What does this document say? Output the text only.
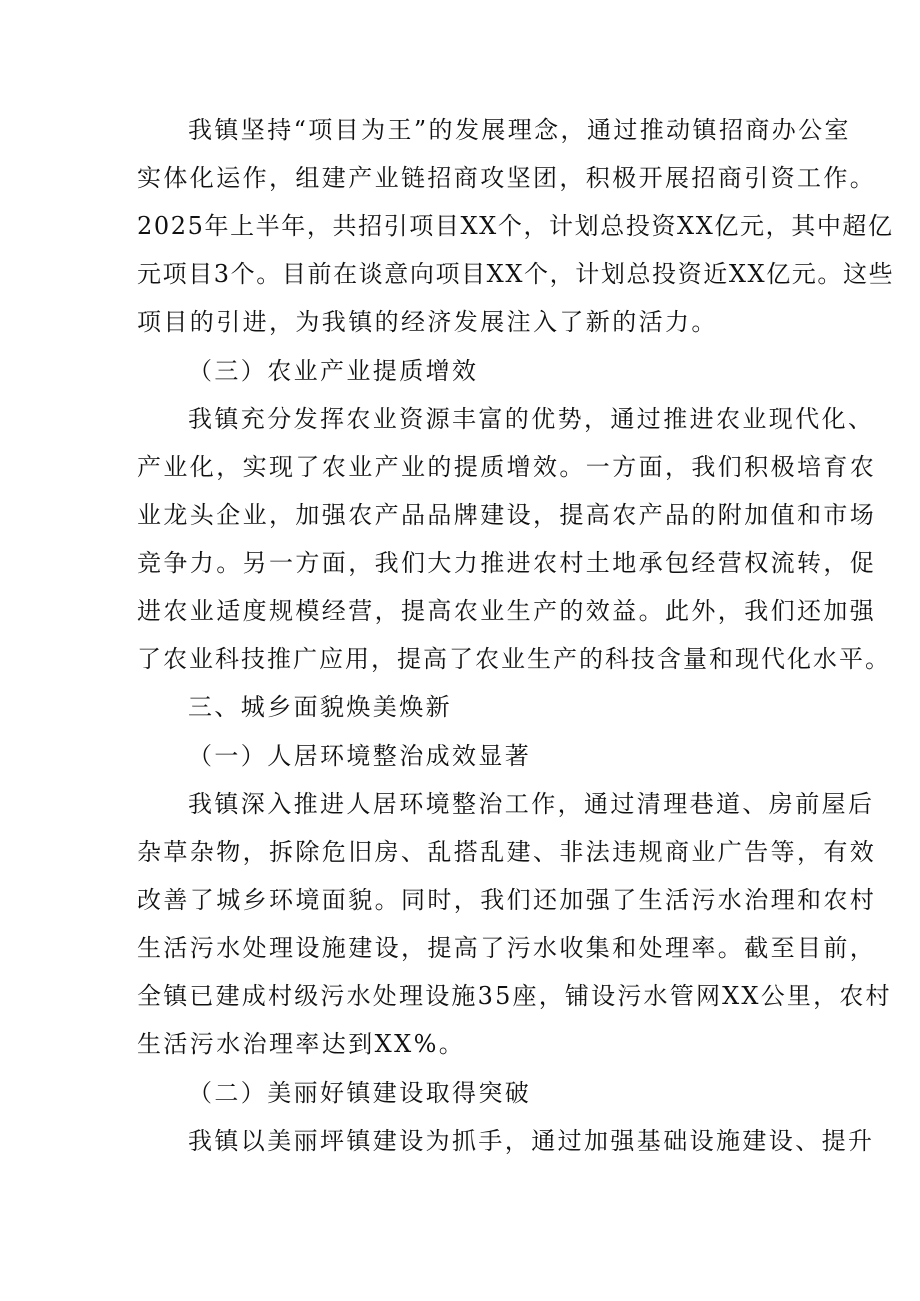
我镇坚持“项目为王”的发展理念，通过推动镇招商办公室
实体化运作，组建产业链招商攻坚团，积极开展招商引资工作。
2025年上半年，共招引项目XX个，计划总投资XX亿元，其中超亿
元项目3个。目前在谈意向项目XX个，计划总投资近XX亿元。这些
项目的引进，为我镇的经济发展注入了新的活力。
（三）农业产业提质增效
我镇充分发挥农业资源丰富的优势，通过推进农业现代化、
产业化，实现了农业产业的提质增效。一方面，我们积极培育农
业龙头企业，加强农产品品牌建设，提高农产品的附加值和市场
竞争力。另一方面，我们大力推进农村土地承包经营权流转，促
进农业适度规模经营，提高农业生产的效益。此外，我们还加强
了农业科技推广应用，提高了农业生产的科技含量和现代化水平。
三、城乡面貌焕美焕新
（一）人居环境整治成效显著
我镇深入推进人居环境整治工作，通过清理巷道、房前屋后
杂草杂物，拆除危旧房、乱搭乱建、非法违规商业广告等，有效
改善了城乡环境面貌。同时，我们还加强了生活污水治理和农村
生活污水处理设施建设，提高了污水收集和处理率。截至目前，
全镇已建成村级污水处理设施35座，铺设污水管网XX公里，农村
生活污水治理率达到XX%。
（二）美丽好镇建设取得突破
我镇以美丽坪镇建设为抓手，通过加强基础设施建设、提升
